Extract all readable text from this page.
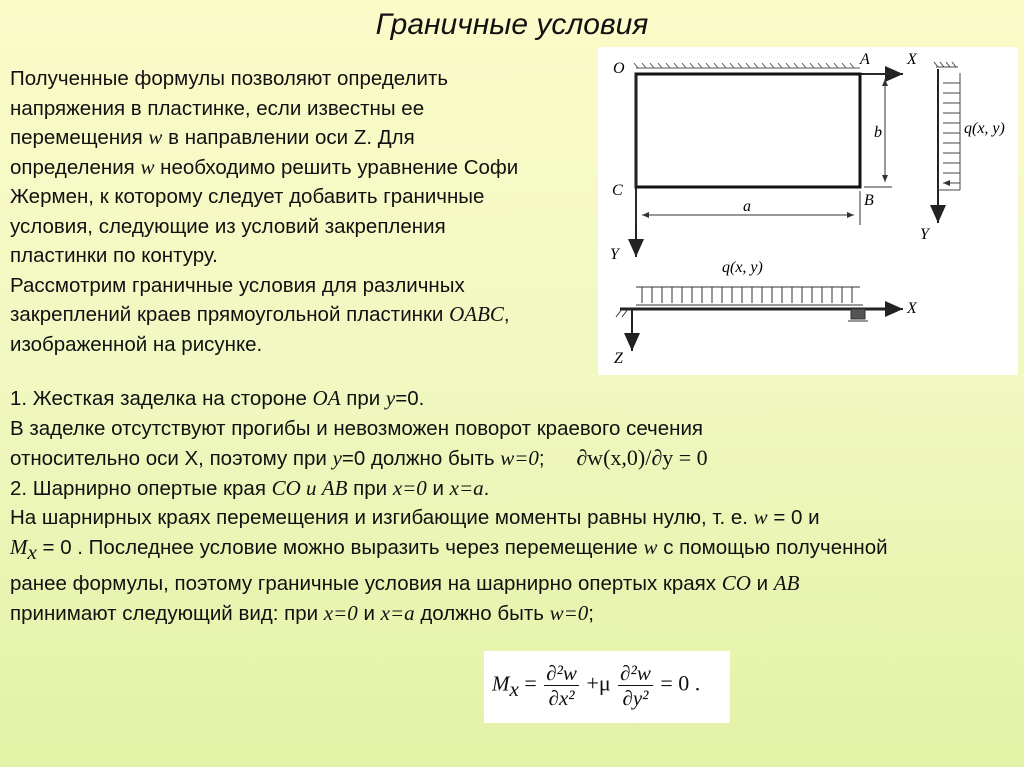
Граничные условия
Полученные формулы позволяют определить
напряжения в пластинке, если известны ее
перемещения w в направлении оси Z. Для
определения w необходимо решить уравнение Софи
Жермен, к которому следует добавить граничные
условия, следующие из условий закрепления
пластинки по контуру.
Рассмотрим граничные условия для различных
закреплений краев прямоугольной пластинки OABC,
изображенной на рисунке.
O
A X
C
B
b
a
Y
Y
q(x, y)
q(x, y)
X
Z
1. Жесткая заделка на стороне OA при y=0.
В заделке отсутствуют прогибы и невозможен поворот краевого сечения
относительно оси X, поэтому при y=0 должно быть w=0; ∂w(x,0)/∂y = 0
2. Шарнирно опертые края CO и AB при x=0 и x=a.
На шарнирных краях перемещения и изгибающие моменты равны нулю, т. е. w = 0 и
$M_x = 0$ . Последнее условие можно выразить через перемещение w с помощью полученной
ранее формулы, поэтому граничные условия на шарнирно опертых краях CO и AB
принимают следующий вид: при x=0 и x=a должно быть w=0;
$M_x = \frac{\text{∂²w}}{\text{∂x²}} +\mu \frac{\text{∂²w}}{\text{∂y²}} = 0$ .
